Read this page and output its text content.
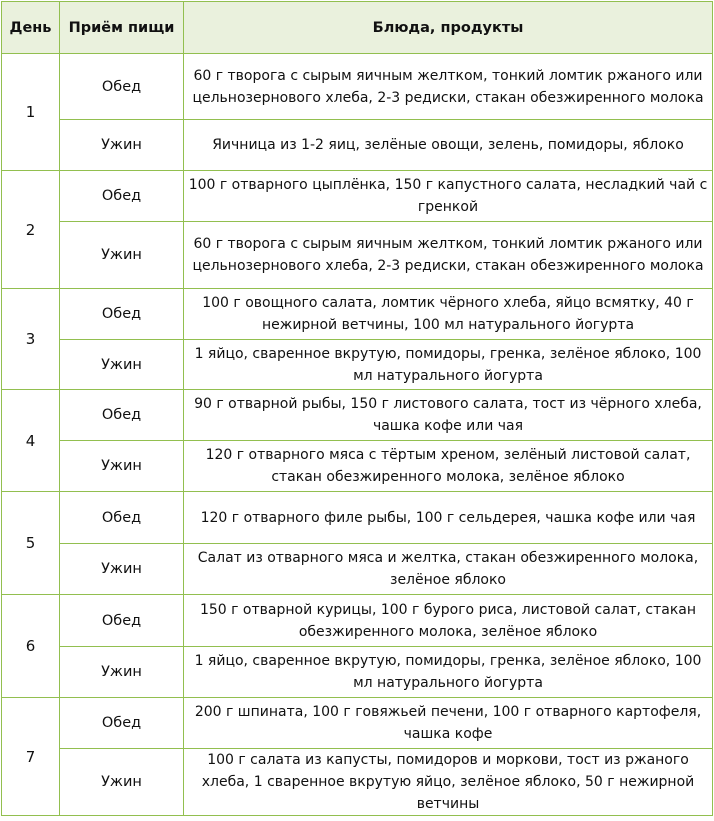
День	Приём пищи	Блюда, продукты
1	Обед	60 г творога с сырым яичным желтком, тонкий ломтик ржаного или цельнозернового хлеба, 2-3 редиски, стакан обезжиренного молока
	Ужин	Яичница из 1-2 яиц, зелёные овощи, зелень, помидоры, яблоко
2	Обед	100 г отварного цыплёнка, 150 г капустного салата, несладкий чай с гренкой
	Ужин	60 г творога с сырым яичным желтком, тонкий ломтик ржаного или цельнозернового хлеба, 2-3 редиски, стакан обезжиренного молока
3	Обед	100 г овощного салата, ломтик чёрного хлеба, яйцо всмятку, 40 г нежирной ветчины, 100 мл натурального йогурта
	Ужин	1 яйцо, сваренное вкрутую, помидоры, гренка, зелёное яблоко, 100 мл натурального йогурта
4	Обед	90 г отварной рыбы, 150 г листового салата, тост из чёрного хлеба, чашка кофе или чая
	Ужин	120 г отварного мяса с тёртым хреном, зелёный листовой салат, стакан обезжиренного молока, зелёное яблоко
5	Обед	120 г отварного филе рыбы, 100 г сельдерея, чашка кофе или чая
	Ужин	Салат из отварного мяса и желтка, стакан обезжиренного молока, зелёное яблоко
6	Обед	150 г отварной курицы, 100 г бурого риса, листовой салат, стакан обезжиренного молока, зелёное яблоко
	Ужин	1 яйцо, сваренное вкрутую, помидоры, гренка, зелёное яблоко, 100 мл натурального йогурта
7	Обед	200 г шпината, 100 г говяжьей печени, 100 г отварного картофеля, чашка кофе
	Ужин	100 г салата из капусты, помидоров и моркови, тост из ржаного хлеба, 1 сваренное вкрутую яйцо, зелёное яблоко, 50 г нежирной ветчины
